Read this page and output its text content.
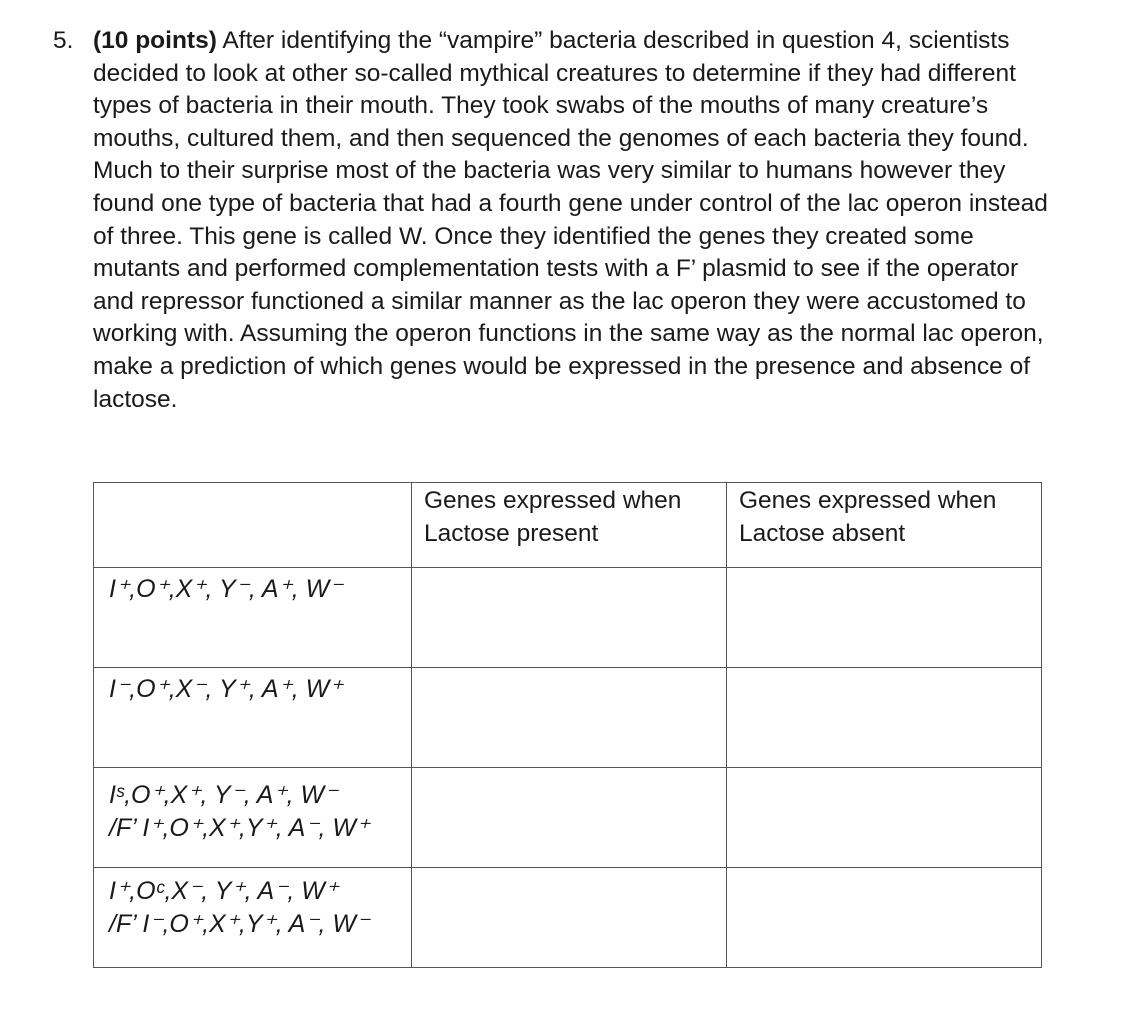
5. (10 points) After identifying the “vampire” bacteria described in question 4, scientists decided to look at other so-called mythical creatures to determine if they had different types of bacteria in their mouth. They took swabs of the mouths of many creature’s mouths, cultured them, and then sequenced the genomes of each bacteria they found. Much to their surprise most of the bacteria was very similar to humans however they found one type of bacteria that had a fourth gene under control of the lac operon instead of three. This gene is called W. Once they identified the genes they created some mutants and performed complementation tests with a F’ plasmid to see if the operator and repressor functioned a similar manner as the lac operon they were accustomed to working with. Assuming the operon functions in the same way as the normal lac operon, make a prediction of which genes would be expressed in the presence and absence of lactose.

	Genes expressed when Lactose present	Genes expressed when Lactose absent

I⁺,O⁺,X⁺, Y⁻, A⁺, W⁻		

I⁻,O⁺,X⁻, Y⁺, A⁺, W⁺		

Iˢ,O⁺,X⁺, Y⁻, A⁺, W⁻
/F’ I⁺,O⁺,X⁺,Y⁺, A⁻, W⁺		

I⁺,Oᶜ,X⁻, Y⁺, A⁻, W⁺
/F’ I⁻,O⁺,X⁺,Y⁺, A⁻, W⁻		
